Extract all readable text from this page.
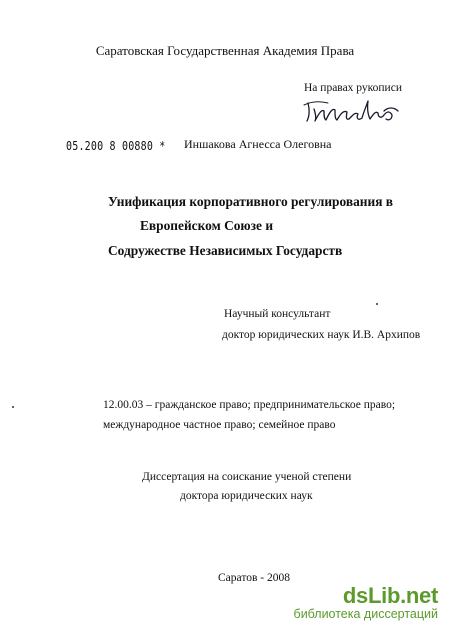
Саратовская Государственная Академия Права
На правах рукописи
05.200 8 00880 * Иншакова Агнесса Олеговна
Унификация корпоративного регулирования в
Европейском Союзе и
Содружестве Независимых Государств
Научный консультант
доктор юридических наук И.В. Архипов
12.00.03 – гражданское право; предпринимательское право;
международное частное право; семейное право
Диссертация на соискание ученой степени
доктора юридических наук
Саратов - 2008
dsLib.net
библиотека диссертаций
